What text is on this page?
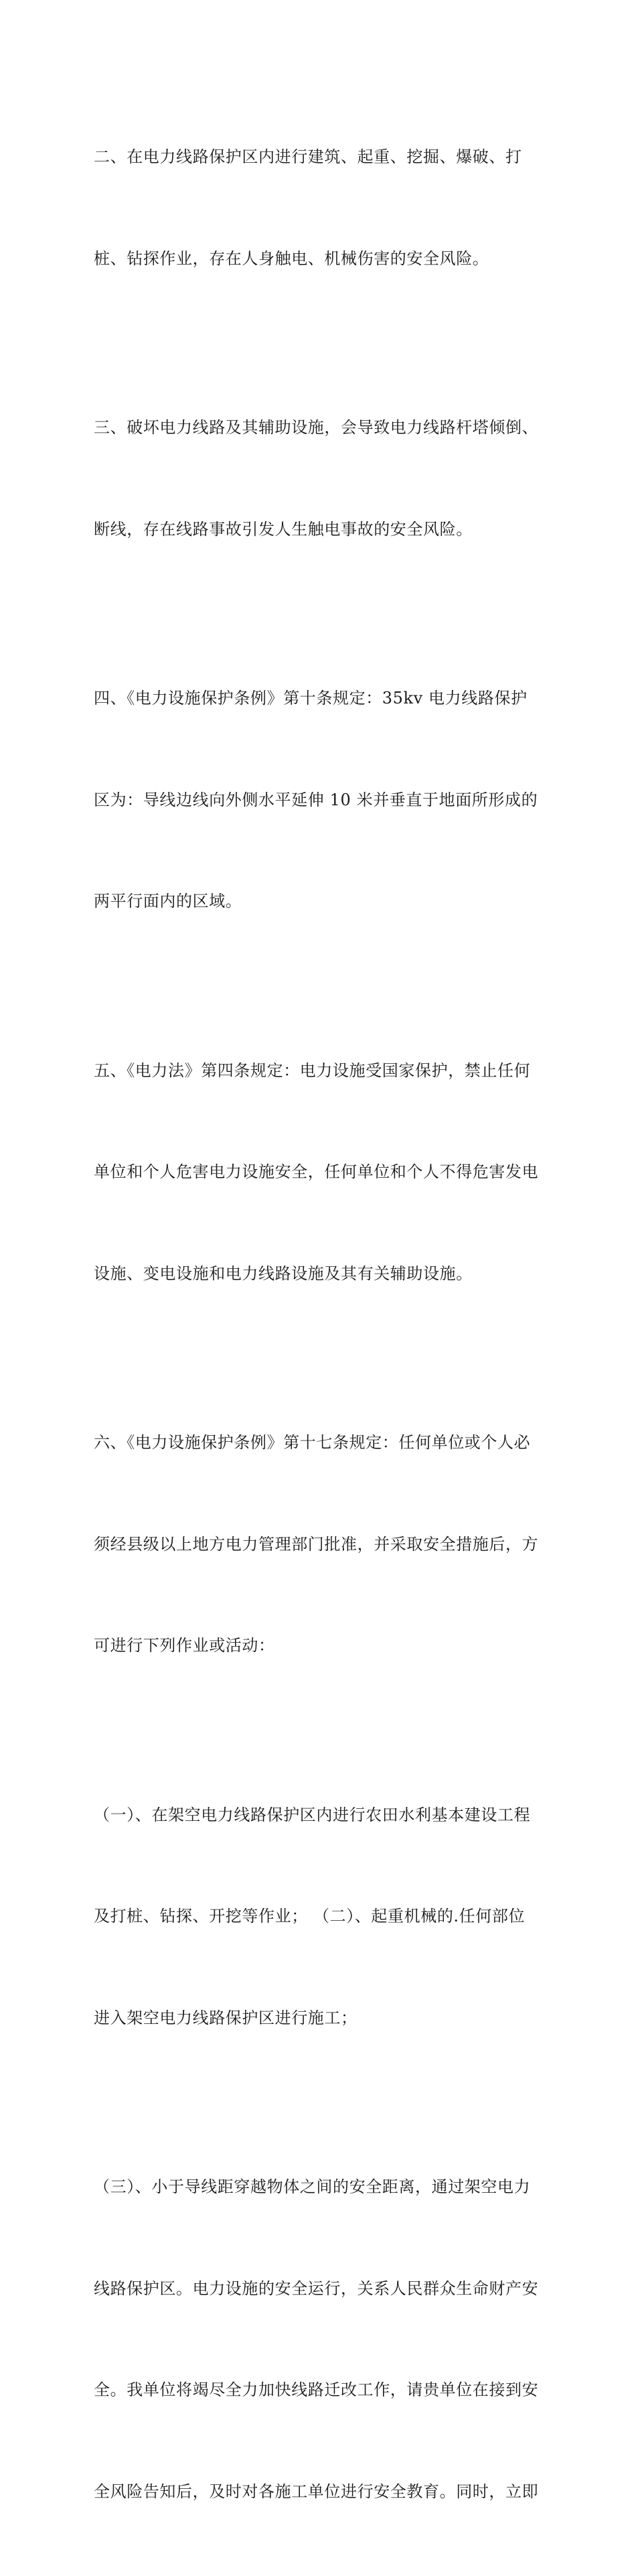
二、在电力线路保护区内进行建筑、起重、挖掘、爆破、打

桩、钻探作业，存在人身触电、机械伤害的安全风险。

三、破坏电力线路及其辅助设施，会导致电力线路杆塔倾倒、

断线，存在线路事故引发人生触电事故的安全风险。

四、《电力设施保护条例》第十条规定：35kv 电力线路保护

区为：导线边线向外侧水平延伸 10 米并垂直于地面所形成的

两平行面内的区域。

五、《电力法》第四条规定：电力设施受国家保护，禁止任何

单位和个人危害电力设施安全，任何单位和个人不得危害发电

设施、变电设施和电力线路设施及其有关辅助设施。

六、《电力设施保护条例》第十七条规定：任何单位或个人必

须经县级以上地方电力管理部门批准，并采取安全措施后，方

可进行下列作业或活动：

（一）、在架空电力线路保护区内进行农田水利基本建设工程

及打桩、钻探、开挖等作业； （二）、起重机械的.任何部位

进入架空电力线路保护区进行施工；

（三）、小于导线距穿越物体之间的安全距离，通过架空电力

线路保护区。电力设施的安全运行，关系人民群众生命财产安

全。我单位将竭尽全力加快线路迁改工作，请贵单位在接到安

全风险告知后，及时对各施工单位进行安全教育。同时，立即
